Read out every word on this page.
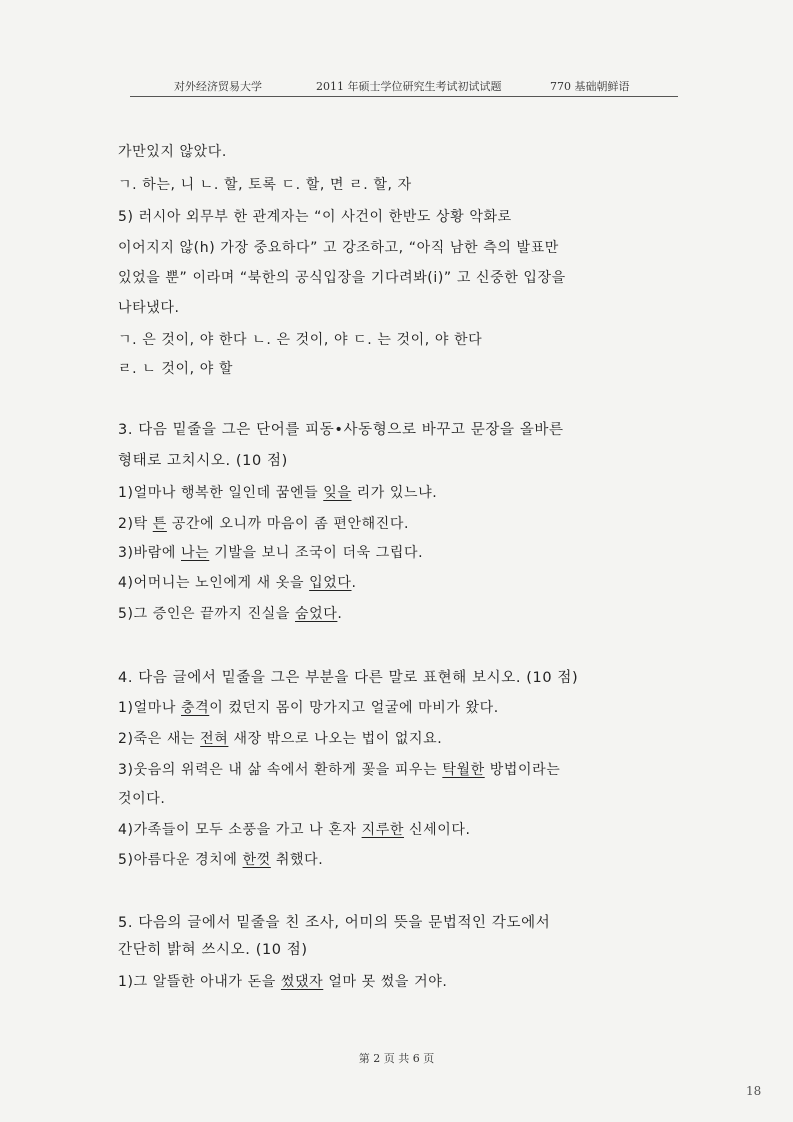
对外经济贸易大学	2011 年硕士学位研究生考试初试试题	770 基础朝鲜语
가만있지 않았다.
ㄱ. 하는, 니 ㄴ. 할, 토록 ㄷ. 할, 면 ㄹ. 할, 자
5) 러시아 외무부 한 관계자는 “이 사건이 한반도 상황 악화로
이어지지 않(h) 가장 중요하다” 고 강조하고, “아직 남한 측의 발표만
있었을 뿐” 이라며 “북한의 공식입장을 기다려봐(i)” 고 신중한 입장을
나타냈다.
ㄱ. 은 것이, 야 한다 ㄴ. 은 것이, 야 ㄷ. 는 것이, 야 한다
ㄹ. ㄴ 것이, 야 할
3. 다음 밑줄을 그은 단어를 피동•사동형으로 바꾸고 문장을 올바른
형태로 고치시오. (10 점)
1)얼마나 행복한 일인데 꿈엔들 잊을 리가 있느냐.
2)탁 튼 공간에 오니까 마음이 좀 편안해진다.
3)바람에 나는 기발을 보니 조국이 더욱 그립다.
4)어머니는 노인에게 새 옷을 입었다.
5)그 증인은 끝까지 진실을 숨었다.
4. 다음 글에서 밑줄을 그은 부분을 다른 말로 표현해 보시오. (10 점)
1)얼마나 충격이 컸던지 몸이 망가지고 얼굴에 마비가 왔다.
2)죽은 새는 전혀 새장 밖으로 나오는 법이 없지요.
3)웃음의 위력은 내 삶 속에서 환하게 꽃을 피우는 탁월한 방법이라는
것이다.
4)가족들이 모두 소풍을 가고 나 혼자 지루한 신세이다.
5)아름다운 경치에 한껏 취했다.
5. 다음의 글에서 밑줄을 친 조사, 어미의 뜻을 문법적인 각도에서
간단히 밝혀 쓰시오. (10 점)
1)그 알뜰한 아내가 돈을 썼댔자 얼마 못 썼을 거야.
第 2 页 共 6 页
18
